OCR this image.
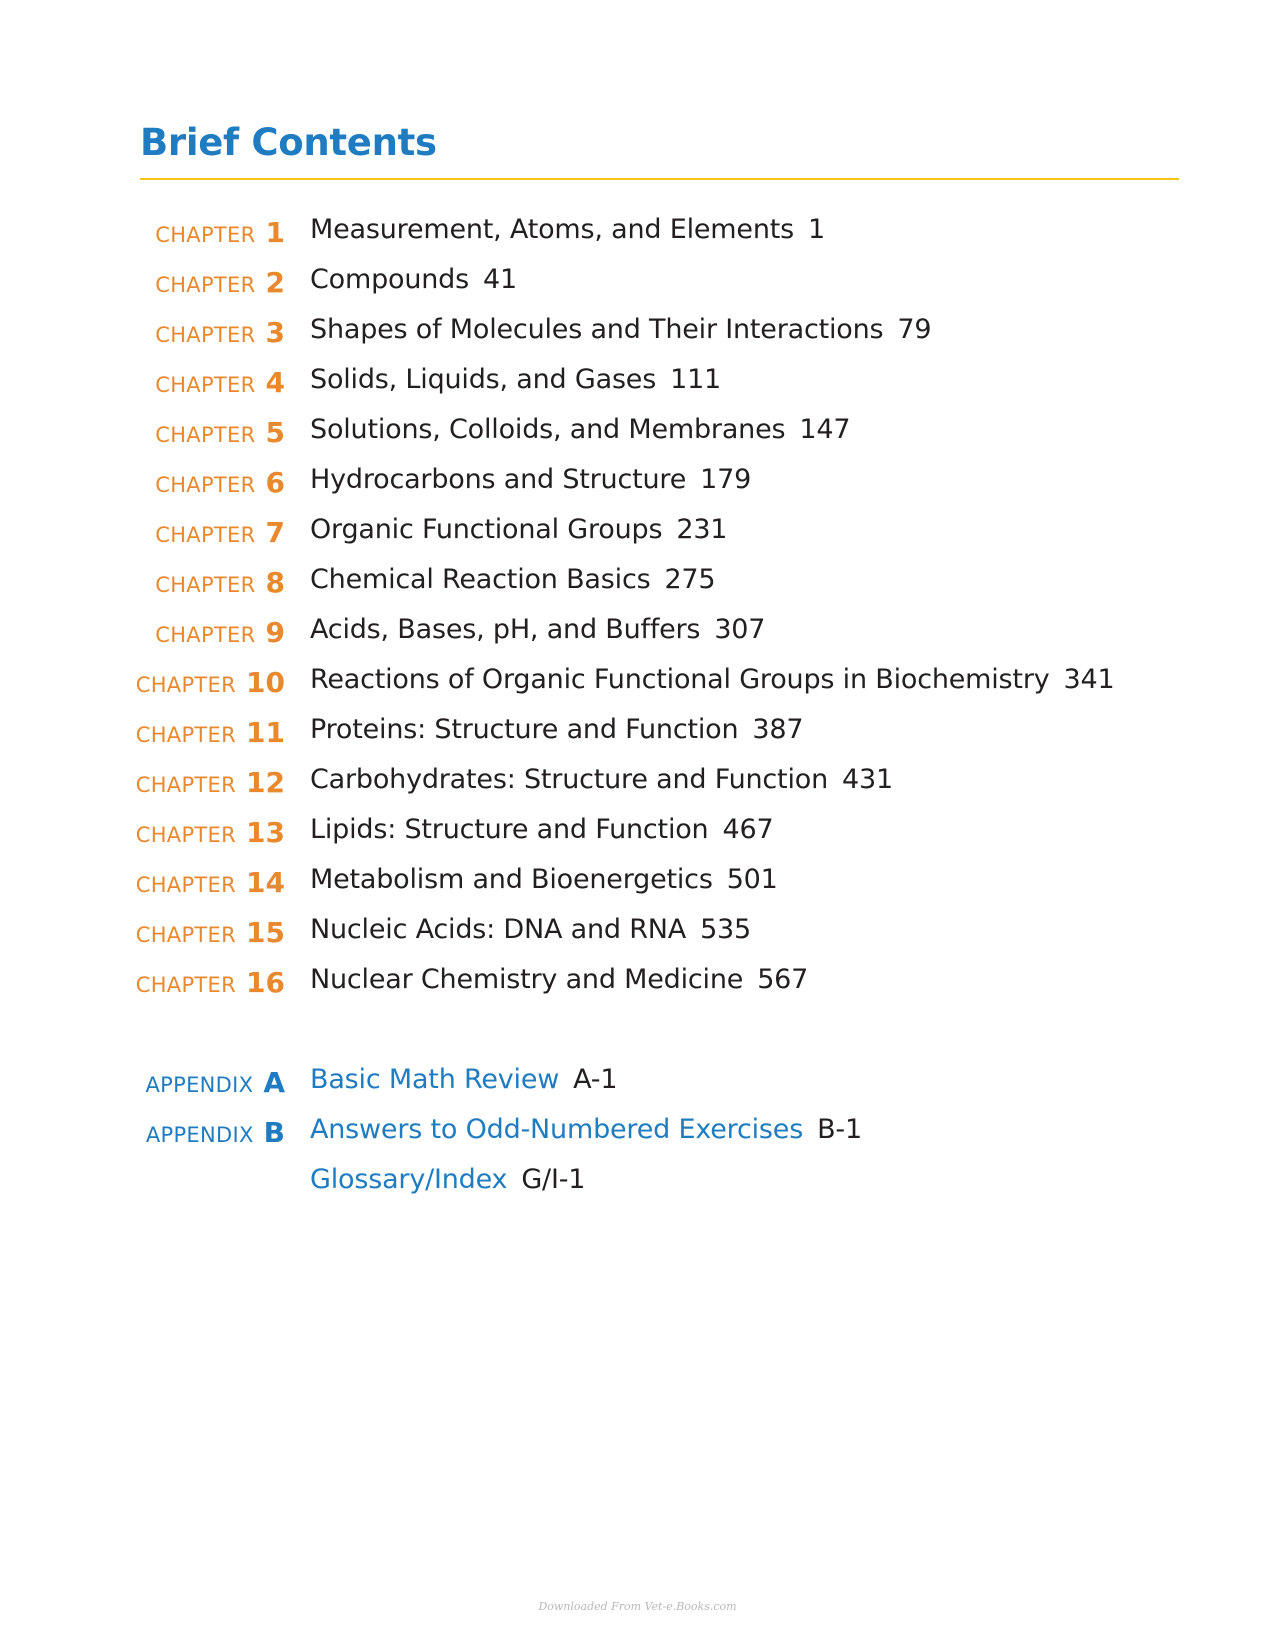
Brief Contents
CHAPTER 1 Measurement, Atoms, and Elements 1
CHAPTER 2 Compounds 41
CHAPTER 3 Shapes of Molecules and Their Interactions 79
CHAPTER 4 Solids, Liquids, and Gases 111
CHAPTER 5 Solutions, Colloids, and Membranes 147
CHAPTER 6 Hydrocarbons and Structure 179
CHAPTER 7 Organic Functional Groups 231
CHAPTER 8 Chemical Reaction Basics 275
CHAPTER 9 Acids, Bases, pH, and Buffers 307
CHAPTER 10 Reactions of Organic Functional Groups in Biochemistry 341
CHAPTER 11 Proteins: Structure and Function 387
CHAPTER 12 Carbohydrates: Structure and Function 431
CHAPTER 13 Lipids: Structure and Function 467
CHAPTER 14 Metabolism and Bioenergetics 501
CHAPTER 15 Nucleic Acids: DNA and RNA 535
CHAPTER 16 Nuclear Chemistry and Medicine 567
APPENDIX A Basic Math Review A-1
APPENDIX B Answers to Odd-Numbered Exercises B-1
Glossary/Index G/I-1
Downloaded From Vet-e.Books.com
